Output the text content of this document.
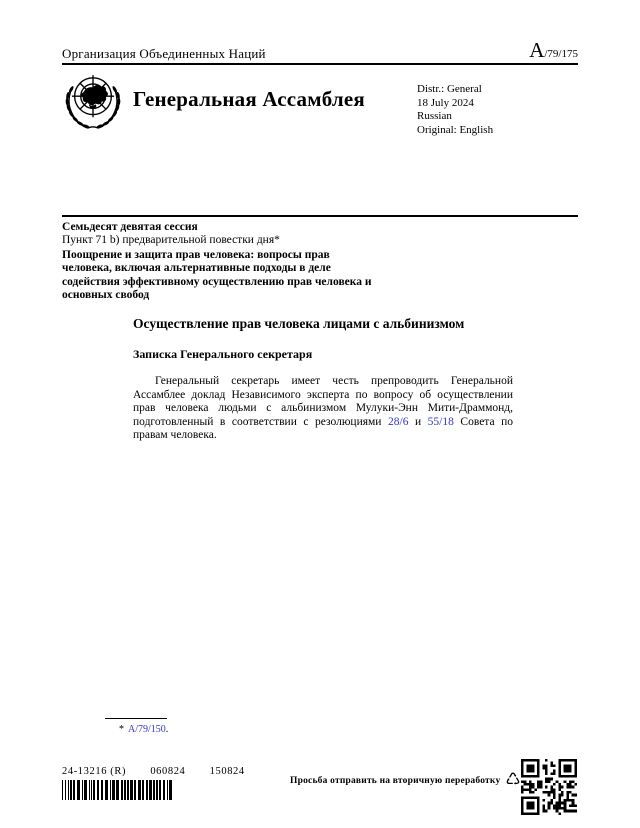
Организация Объединенных Наций	A /79/175
Генеральная Ассамблея	Distr.: General
18 July 2024
Russian
Original: English
Семьдесят девятая сессия
Пункт 71 b) предварительной повестки дня*
Поощрение и защита прав человека: вопросы прав человека, включая альтернативные подходы в деле содействия эффективному осуществлению прав человека и основных свобод
Осуществление прав человека лицами с альбинизмом
Записка Генерального секретаря

Генеральный секретарь имеет честь препроводить Генеральной Ассамблее доклад Независимого эксперта по вопросу об осуществлении прав человека людьми с альбинизмом Мулуки-Энн Мити-Драммонд, подготовленный в соответствии с резолюциями 28/6 и 55/18 Совета по правам человека.

* A/79/150.
24-13216 (R) 060824 150824
Просьба отправить на вторичную переработку ♺
